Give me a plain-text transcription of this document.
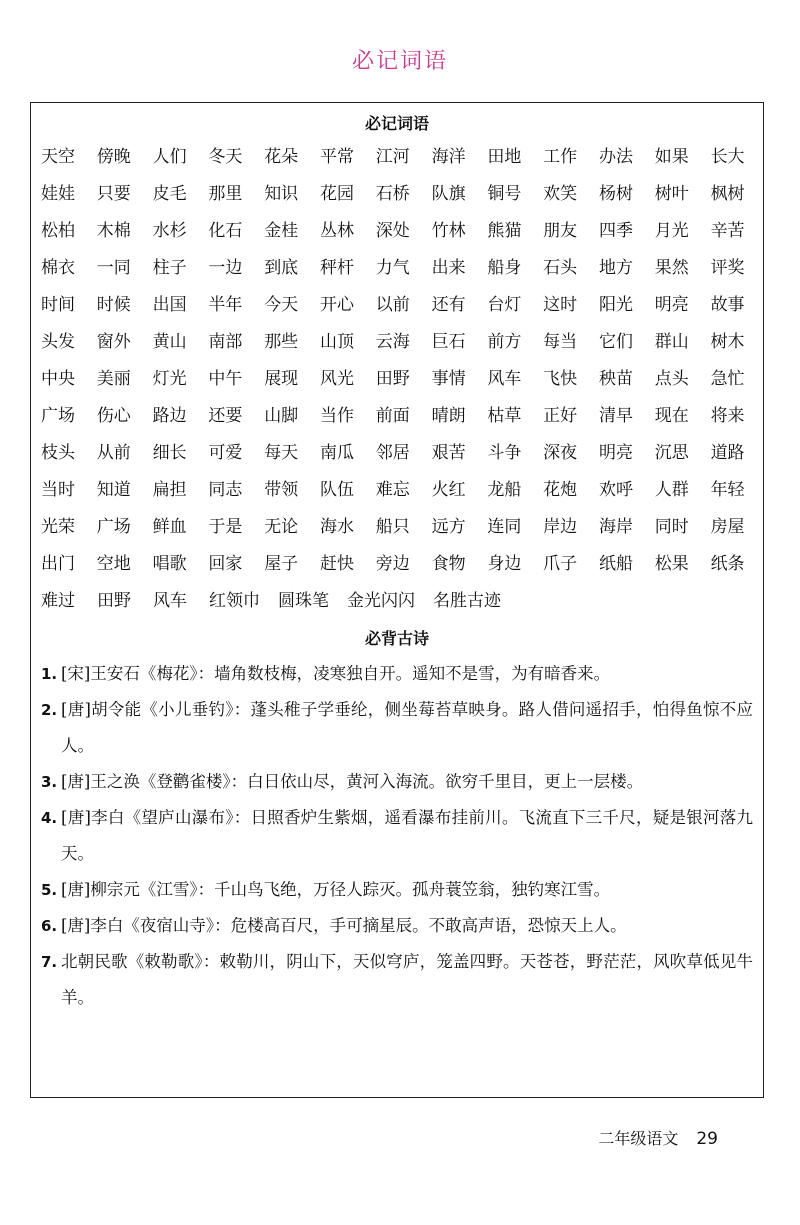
必记词语
必记词语
天空	傍晚	人们	冬天	花朵	平常	江河	海洋	田地	工作	办法	如果	长大
娃娃	只要	皮毛	那里	知识	花园	石桥	队旗	铜号	欢笑	杨树	树叶	枫树
松柏	木棉	水杉	化石	金桂	丛林	深处	竹林	熊猫	朋友	四季	月光	辛苦
棉衣	一同	柱子	一边	到底	秤杆	力气	出来	船身	石头	地方	果然	评奖
时间	时候	出国	半年	今天	开心	以前	还有	台灯	这时	阳光	明亮	故事
头发	窗外	黄山	南部	那些	山顶	云海	巨石	前方	每当	它们	群山	树木
中央	美丽	灯光	中午	展现	风光	田野	事情	风车	飞快	秧苗	点头	急忙
广场	伤心	路边	还要	山脚	当作	前面	晴朗	枯草	正好	清早	现在	将来
枝头	从前	细长	可爱	每天	南瓜	邻居	艰苦	斗争	深夜	明亮	沉思	道路
当时	知道	扁担	同志	带领	队伍	难忘	火红	龙船	花炮	欢呼	人群	年轻
光荣	广场	鲜血	于是	无论	海水	船只	远方	连同	岸边	海岸	同时	房屋
出门	空地	唱歌	回家	屋子	赶快	旁边	食物	身边	爪子	纸船	松果	纸条
难过 田野 风车 红领巾 圆珠笔 金光闪闪 名胜古迹
必背古诗
1. [宋]王安石《梅花》：墙角数枝梅，凌寒独自开。遥知不是雪，为有暗香来。
2. [唐]胡令能《小儿垂钓》：蓬头稚子学垂纶，侧坐莓苔草映身。路人借问遥招手，怕得鱼惊不应人。
3. [唐]王之涣《登鹳雀楼》：白日依山尽，黄河入海流。欲穷千里目，更上一层楼。
4. [唐]李白《望庐山瀑布》：日照香炉生紫烟，遥看瀑布挂前川。飞流直下三千尺，疑是银河落九天。
5. [唐]柳宗元《江雪》：千山鸟飞绝，万径人踪灭。孤舟蓑笠翁，独钓寒江雪。
6. [唐]李白《夜宿山寺》：危楼高百尺，手可摘星辰。不敢高声语，恐惊天上人。
7. 北朝民歌《敕勒歌》：敕勒川，阴山下，天似穹庐，笼盖四野。天苍苍，野茫茫，风吹草低见牛羊。
二年级语文 29
